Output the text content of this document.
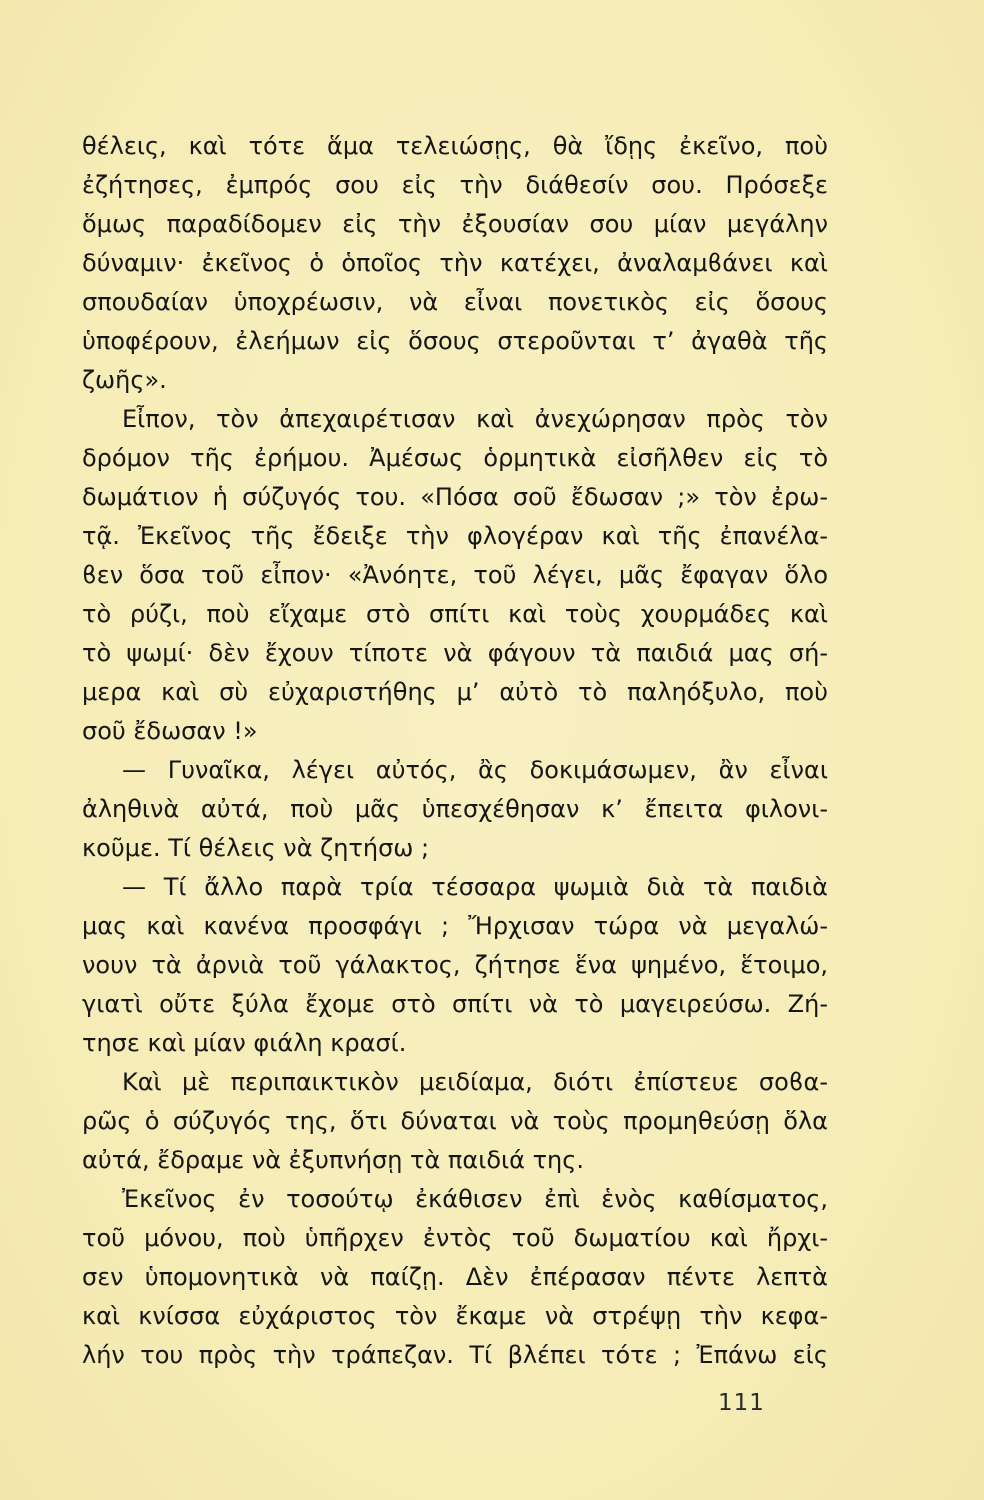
θέλεις, καὶ τότε ἅμα τελειώσῃς, θὰ ἴδῃς ἐκεῖνο, ποὺ
ἐζήτησες, ἐμπρός σου εἰς τὴν διάθεσίν σου. Πρόσεξε
ὅμως παραδίδομεν εἰς τὴν ἐξουσίαν σου μίαν μεγάλην
δύναμιν· ἐκεῖνος ὁ ὁποῖος τὴν κατέχει, ἀναλαμϐάνει καὶ
σπουδαίαν ὑποχρέωσιν, νὰ εἶναι πονετικὸς εἰς ὅσους
ὑποφέρουν, ἐλεήμων εἰς ὅσους στεροῦνται τ’ ἀγαθὰ τῆς
ζωῆς».
Εἶπον, τὸν ἀπεχαιρέτισαν καὶ ἀνεχώρησαν πρὸς τὸν
δρόμον τῆς ἐρήμου. Ἀμέσως ὁρμητικὰ εἰσῆλθεν εἰς τὸ
δωμάτιον ἡ σύζυγός του. «Πόσα σοῦ ἔδωσαν ;» τὸν ἐρω-
τᾷ. Ἐκεῖνος τῆς ἔδειξε τὴν φλογέραν καὶ τῆς ἐπανέλα-
ϐεν ὅσα τοῦ εἶπον· «Ἀνόητε, τοῦ λέγει, μᾶς ἔφαγαν ὅλο
τὸ ρύζι, ποὺ εἴχαμε στὸ σπίτι καὶ τοὺς χουρμάδες καὶ
τὸ ψωμί· δὲν ἔχουν τίποτε νὰ φάγουν τὰ παιδιά μας σή-
μερα καὶ σὺ εὐχαριστήθης μ’ αὐτὸ τὸ παληόξυλο, ποὺ
σοῦ ἔδωσαν !»
— Γυναῖκα, λέγει αὐτός, ἂς δοκιμάσωμεν, ἂν εἶναι
ἀληθινὰ αὐτά, ποὺ μᾶς ὑπεσχέθησαν κ’ ἔπειτα φιλονι-
κοῦμε. Τί θέλεις νὰ ζητήσω ;
— Τί ἄλλο παρὰ τρία τέσσαρα ψωμιὰ διὰ τὰ παιδιὰ
μας καὶ κανένα προσφάγι ; Ἤρχισαν τώρα νὰ μεγαλώ-
νουν τὰ ἀρνιὰ τοῦ γάλακτος, ζήτησε ἕνα ψημένο, ἕτοιμο,
γιατὶ οὔτε ξύλα ἔχομε στὸ σπίτι νὰ τὸ μαγειρεύσω. Ζή-
τησε καὶ μίαν φιάλη κρασί.
Καὶ μὲ περιπαικτικὸν μειδίαμα, διότι ἐπίστευε σοϐα-
ρῶς ὁ σύζυγός της, ὅτι δύναται νὰ τοὺς προμηθεύσῃ ὅλα
αὐτά, ἔδραμε νὰ ἐξυπνήσῃ τὰ παιδιά της.
Ἐκεῖνος ἐν τοσούτῳ ἐκάθισεν ἐπὶ ἑνὸς καθίσματος,
τοῦ μόνου, ποὺ ὑπῆρχεν ἐντὸς τοῦ δωματίου καὶ ἤρχι-
σεν ὑπομονητικὰ νὰ παίζῃ. Δὲν ἐπέρασαν πέντε λεπτὰ
καὶ κνίσσα εὐχάριστος τὸν ἔκαμε νὰ στρέψῃ τὴν κεφα-
λήν του πρὸς τὴν τράπεζαν. Τί βλέπει τότε ; Ἐπάνω εἰς
111
